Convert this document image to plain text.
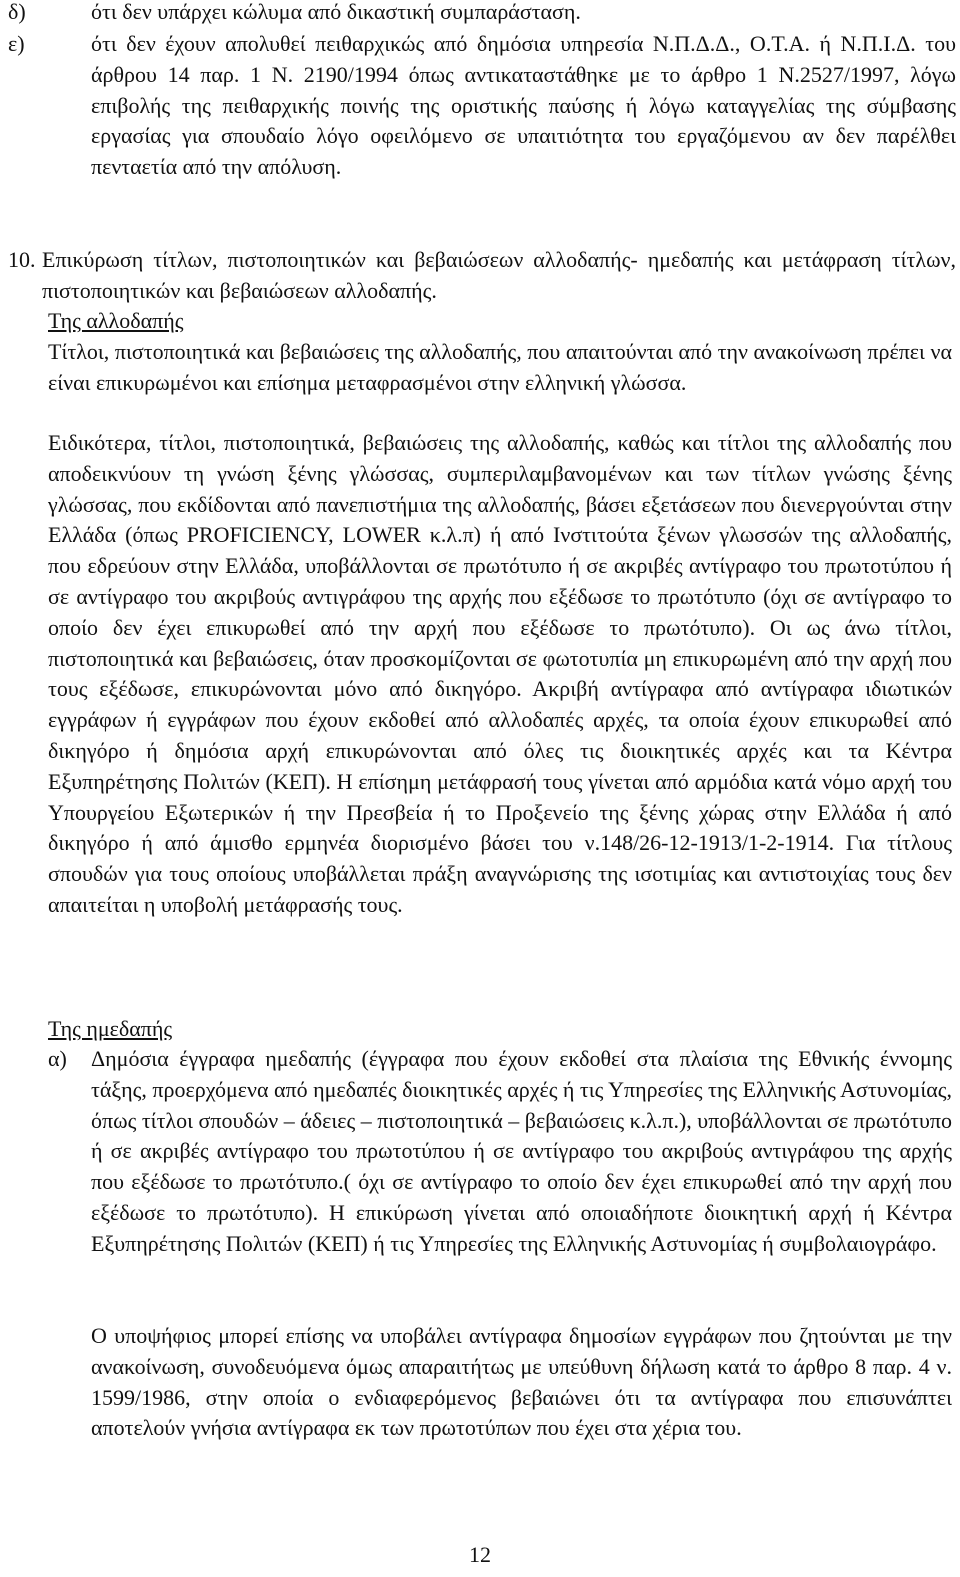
δ)	ότι δεν υπάρχει κώλυμα από δικαστική συμπαράσταση.

ε)	ότι δεν έχουν απολυθεί πειθαρχικώς από δημόσια υπηρεσία Ν.Π.Δ.Δ., Ο.Τ.Α. ή Ν.Π.Ι.Δ. του άρθρου 14 παρ. 1 Ν. 2190/1994 όπως αντικαταστάθηκε με το άρθρο 1 Ν.2527/1997, λόγω επιβολής της πειθαρχικής ποινής της οριστικής παύσης ή λόγω καταγγελίας της σύμβασης εργασίας για σπουδαίο λόγο οφειλόμενο σε υπαιτιότητα του εργαζόμενου αν δεν παρέλθει πενταετία από την απόλυση.

10. Επικύρωση τίτλων, πιστοποιητικών και βεβαιώσεων αλλοδαπής- ημεδαπής και μετάφραση τίτλων, πιστοποιητικών και βεβαιώσεων αλλοδαπής.

Της αλλοδαπής

Τίτλοι, πιστοποιητικά και βεβαιώσεις της αλλοδαπής, που απαιτούνται από την ανακοίνωση πρέπει να είναι επικυρωμένοι και επίσημα μεταφρασμένοι στην ελληνική γλώσσα.

Ειδικότερα, τίτλοι, πιστοποιητικά, βεβαιώσεις της αλλοδαπής, καθώς και τίτλοι της αλλοδαπής που αποδεικνύουν τη γνώση ξένης γλώσσας, συμπεριλαμβανομένων και των τίτλων γνώσης ξένης γλώσσας, που εκδίδονται από πανεπιστήμια της αλλοδαπής, βάσει εξετάσεων που διενεργούνται στην Ελλάδα (όπως PROFICIENCY, LOWER κ.λ.π) ή από Ινστιτούτα ξένων γλωσσών της αλλοδαπής, που εδρεύουν στην Ελλάδα, υποβάλλονται σε πρωτότυπο ή σε ακριβές αντίγραφο του πρωτοτύπου ή σε αντίγραφο του ακριβούς αντιγράφου της αρχής που εξέδωσε το πρωτότυπο (όχι σε αντίγραφο το οποίο δεν έχει επικυρωθεί από την αρχή που εξέδωσε το πρωτότυπο). Οι ως άνω τίτλοι, πιστοποιητικά και βεβαιώσεις, όταν προσκομίζονται σε φωτοτυπία μη επικυρωμένη από την αρχή που τους εξέδωσε, επικυρώνονται μόνο από δικηγόρο. Ακριβή αντίγραφα από αντίγραφα ιδιωτικών εγγράφων ή εγγράφων που έχουν εκδοθεί από αλλοδαπές αρχές, τα οποία έχουν επικυρωθεί από δικηγόρο ή δημόσια αρχή επικυρώνονται από όλες τις διοικητικές αρχές και τα Κέντρα Εξυπηρέτησης Πολιτών (ΚΕΠ). Η επίσημη μετάφρασή τους γίνεται από αρμόδια κατά νόμο αρχή του Υπουργείου Εξωτερικών ή την Πρεσβεία ή το Προξενείο της ξένης χώρας στην Ελλάδα ή από δικηγόρο ή από άμισθο ερμηνέα διορισμένο βάσει του ν.148/26-12-1913/1-2-1914. Για τίτλους σπουδών για τους οποίους υποβάλλεται πράξη αναγνώρισης της ισοτιμίας και αντιστοιχίας τους δεν απαιτείται η υποβολή μετάφρασής τους.

Της ημεδαπής
α) Δημόσια έγγραφα ημεδαπής (έγγραφα που έχουν εκδοθεί στα πλαίσια της Εθνικής έννομης τάξης, προερχόμενα από ημεδαπές διοικητικές αρχές ή τις Υπηρεσίες της Ελληνικής Αστυνομίας, όπως τίτλοι σπουδών – άδειες – πιστοποιητικά – βεβαιώσεις κ.λ.π.), υποβάλλονται σε πρωτότυπο ή σε ακριβές αντίγραφο του πρωτοτύπου ή σε αντίγραφο του ακριβούς αντιγράφου της αρχής που εξέδωσε το πρωτότυπο.( όχι σε αντίγραφο το οποίο δεν έχει επικυρωθεί από την αρχή που εξέδωσε το πρωτότυπο). Η επικύρωση γίνεται από οποιαδήποτε διοικητική αρχή ή Κέντρα Εξυπηρέτησης Πολιτών (ΚΕΠ) ή τις Υπηρεσίες της Ελληνικής Αστυνομίας ή συμβολαιογράφο.

Ο υποψήφιος μπορεί επίσης να υποβάλει αντίγραφα δημοσίων εγγράφων που ζητούνται με την ανακοίνωση, συνοδευόμενα όμως απαραιτήτως με υπεύθυνη δήλωση κατά το άρθρο 8 παρ. 4 ν. 1599/1986, στην οποία ο ενδιαφερόμενος βεβαιώνει ότι τα αντίγραφα που επισυνάπτει αποτελούν γνήσια αντίγραφα εκ των πρωτοτύπων που έχει στα χέρια του.

12
